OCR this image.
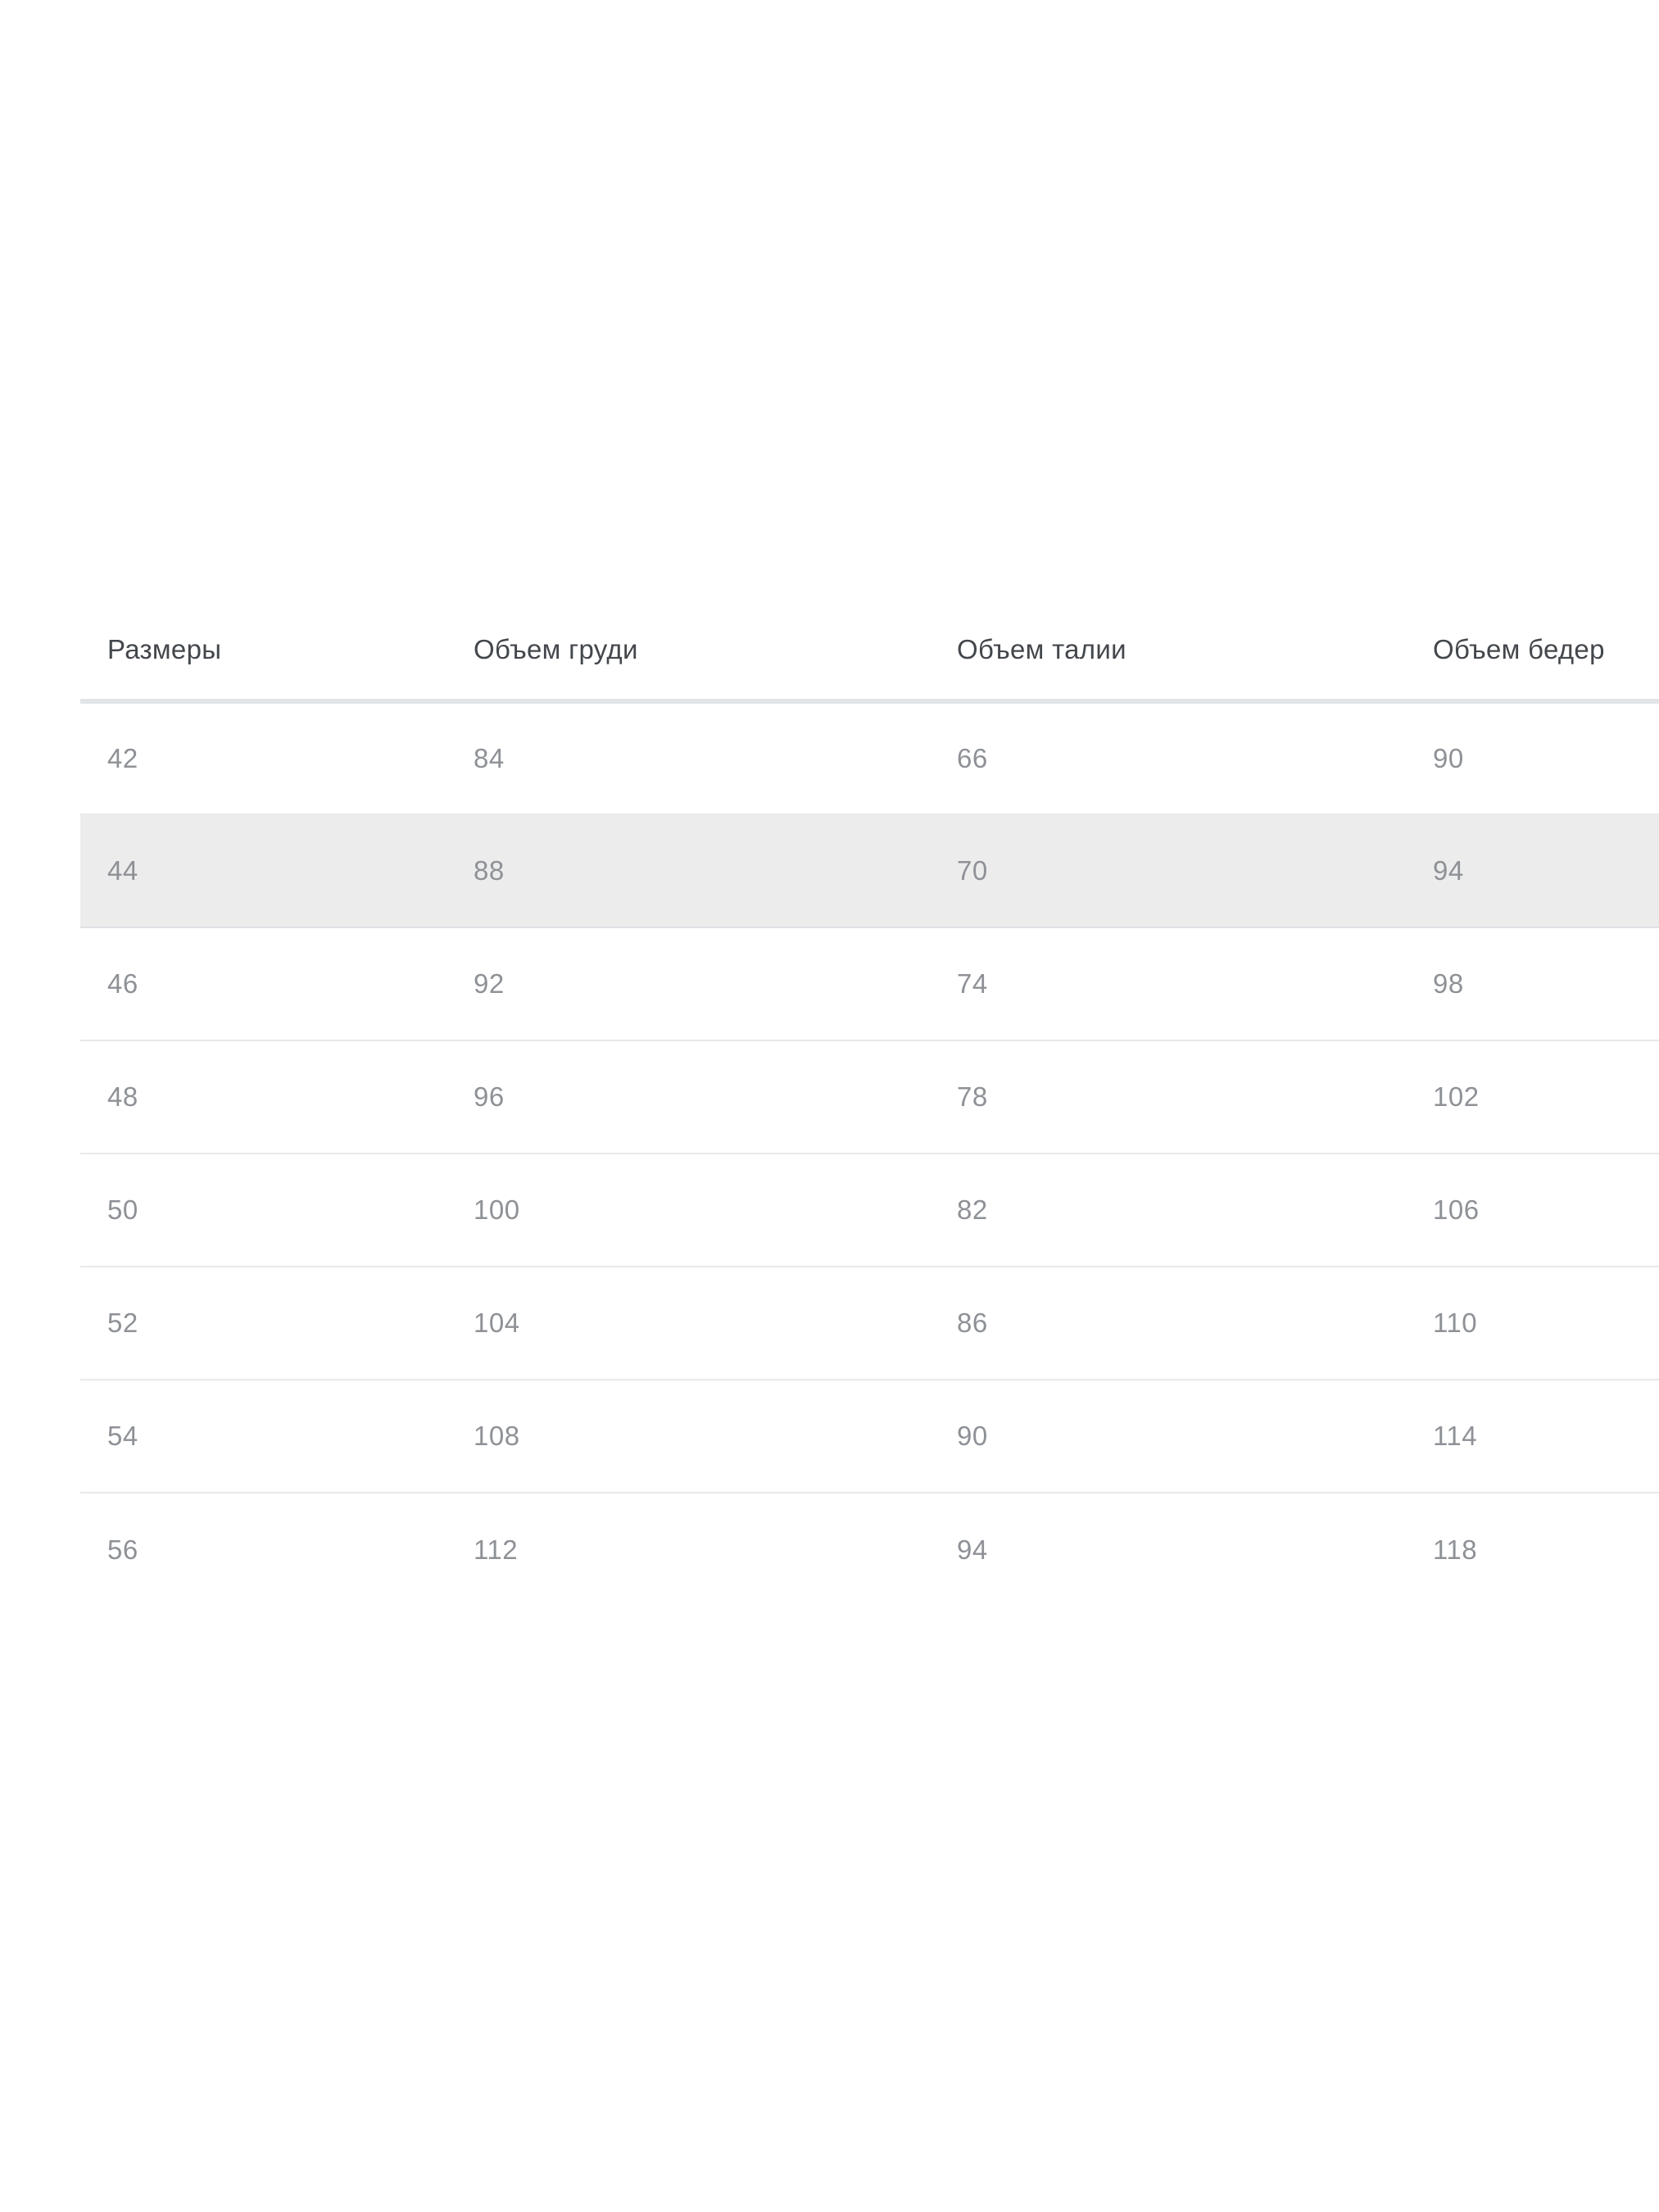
Размеры	Объем груди	Объем талии	Объем бедер
42	84	66	90
44	88	70	94
46	92	74	98
48	96	78	102
50	100	82	106
52	104	86	110
54	108	90	114
56	112	94	118
